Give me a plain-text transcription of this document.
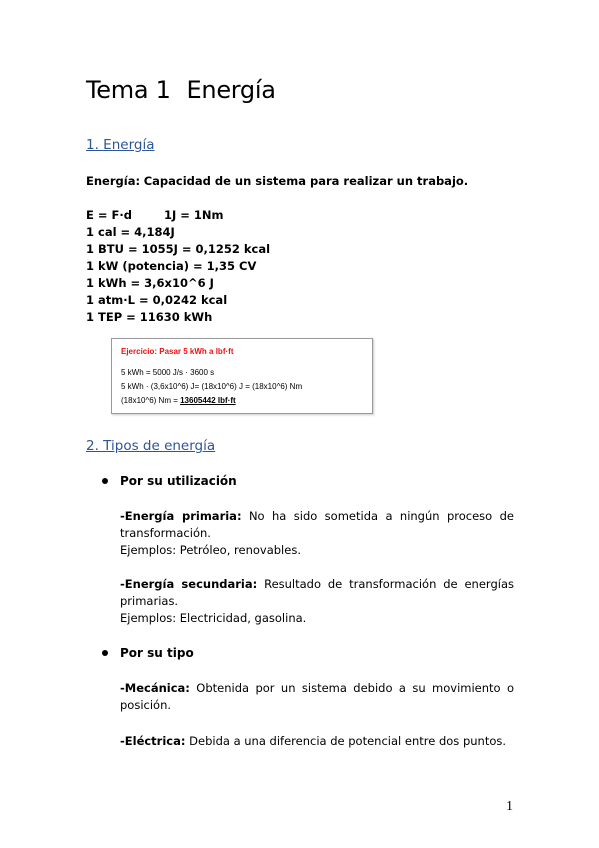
Tema 1 Energía
1. Energía
Energía: Capacidad de un sistema para realizar un trabajo.
E = F·d        1J = 1Nm
1 cal = 4,184J
1 BTU = 1055J = 0,1252 kcal
1 kW (potencia) = 1,35 CV
1 kWh = 3,6x10^6 J
1 atm·L = 0,0242 kcal
1 TEP = 11630 kWh
Ejercicio: Pasar 5 kWh a lbf·ft
5 kWh = 5000 J/s · 3600 s
5 kWh · (3,6x10^6) J= (18x10^6) J = (18x10^6) Nm
(18x10^6) Nm = 13605442 lbf·ft
2. Tipos de energía
Por su utilización
-Energía primaria: No ha sido sometida a ningún proceso de transformación.
Ejemplos: Petróleo, renovables.
-Energía secundaria: Resultado de transformación de energías primarias.
Ejemplos: Electricidad, gasolina.
Por su tipo
-Mecánica: Obtenida por un sistema debido a su movimiento o posición.
-Eléctrica: Debida a una diferencia de potencial entre dos puntos.
1
